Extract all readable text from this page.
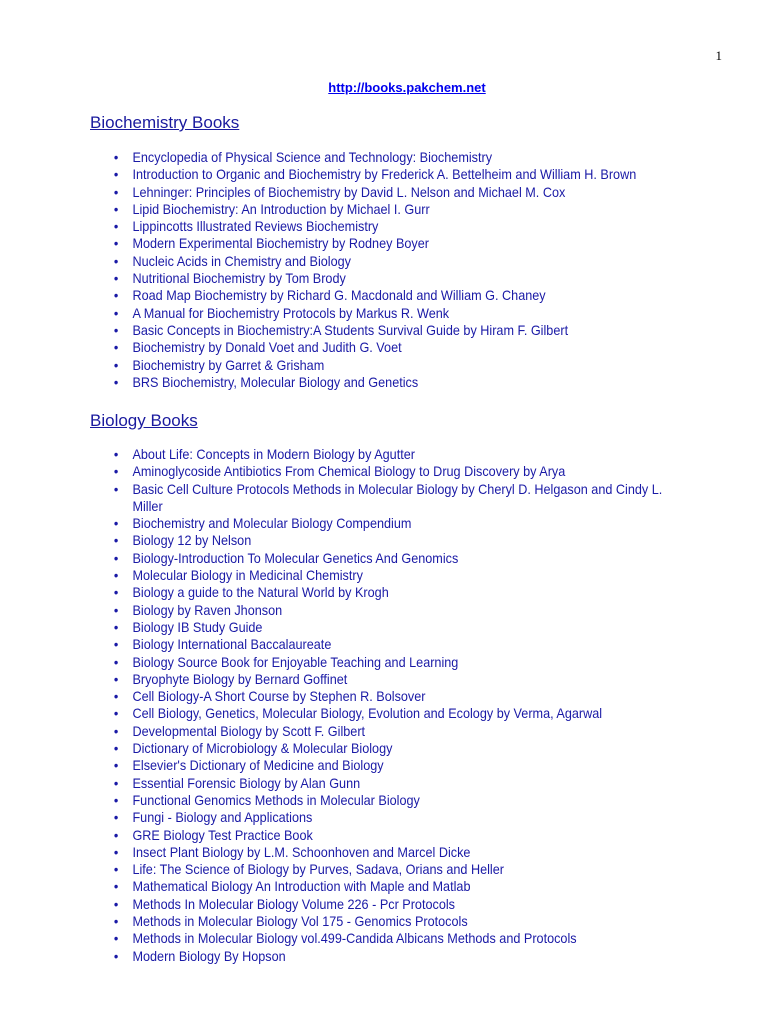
1
http://books.pakchem.net
Biochemistry Books
• Encyclopedia of Physical Science and Technology: Biochemistry
• Introduction to Organic and Biochemistry by Frederick A. Bettelheim and William H. Brown
• Lehninger: Principles of Biochemistry by David L. Nelson and Michael M. Cox
• Lipid Biochemistry: An Introduction by Michael I. Gurr
• Lippincotts Illustrated Reviews Biochemistry
• Modern Experimental Biochemistry by Rodney Boyer
• Nucleic Acids in Chemistry and Biology
• Nutritional Biochemistry by Tom Brody
• Road Map Biochemistry by Richard G. Macdonald and William G. Chaney
• A Manual for Biochemistry Protocols by Markus R. Wenk
• Basic Concepts in Biochemistry:A Students Survival Guide by Hiram F. Gilbert
• Biochemistry by Donald Voet and Judith G. Voet
• Biochemistry by Garret & Grisham
• BRS Biochemistry, Molecular Biology and Genetics
Biology Books
• About Life: Concepts in Modern Biology by Agutter
• Aminoglycoside Antibiotics From Chemical Biology to Drug Discovery by Arya
• Basic Cell Culture Protocols Methods in Molecular Biology by Cheryl D. Helgason and Cindy L. Miller
• Biochemistry and Molecular Biology Compendium
• Biology 12 by Nelson
• Biology-Introduction To Molecular Genetics And Genomics
• Molecular Biology in Medicinal Chemistry
• Biology a guide to the Natural World by Krogh
• Biology by Raven Jhonson
• Biology IB Study Guide
• Biology International Baccalaureate
• Biology Source Book for Enjoyable Teaching and Learning
• Bryophyte Biology by Bernard Goffinet
• Cell Biology-A Short Course by Stephen R. Bolsover
• Cell Biology, Genetics, Molecular Biology, Evolution and Ecology by Verma, Agarwal
• Developmental Biology by Scott F. Gilbert
• Dictionary of Microbiology & Molecular Biology
• Elsevier's Dictionary of Medicine and Biology
• Essential Forensic Biology by Alan Gunn
• Functional Genomics Methods in Molecular Biology
• Fungi - Biology and Applications
• GRE Biology Test Practice Book
• Insect Plant Biology by L.M. Schoonhoven and Marcel Dicke
• Life: The Science of Biology by Purves, Sadava, Orians and Heller
• Mathematical Biology An Introduction with Maple and Matlab
• Methods In Molecular Biology Volume 226 - Pcr Protocols
• Methods in Molecular Biology Vol 175 - Genomics Protocols
• Methods in Molecular Biology vol.499-Candida Albicans Methods and Protocols
• Modern Biology By Hopson
